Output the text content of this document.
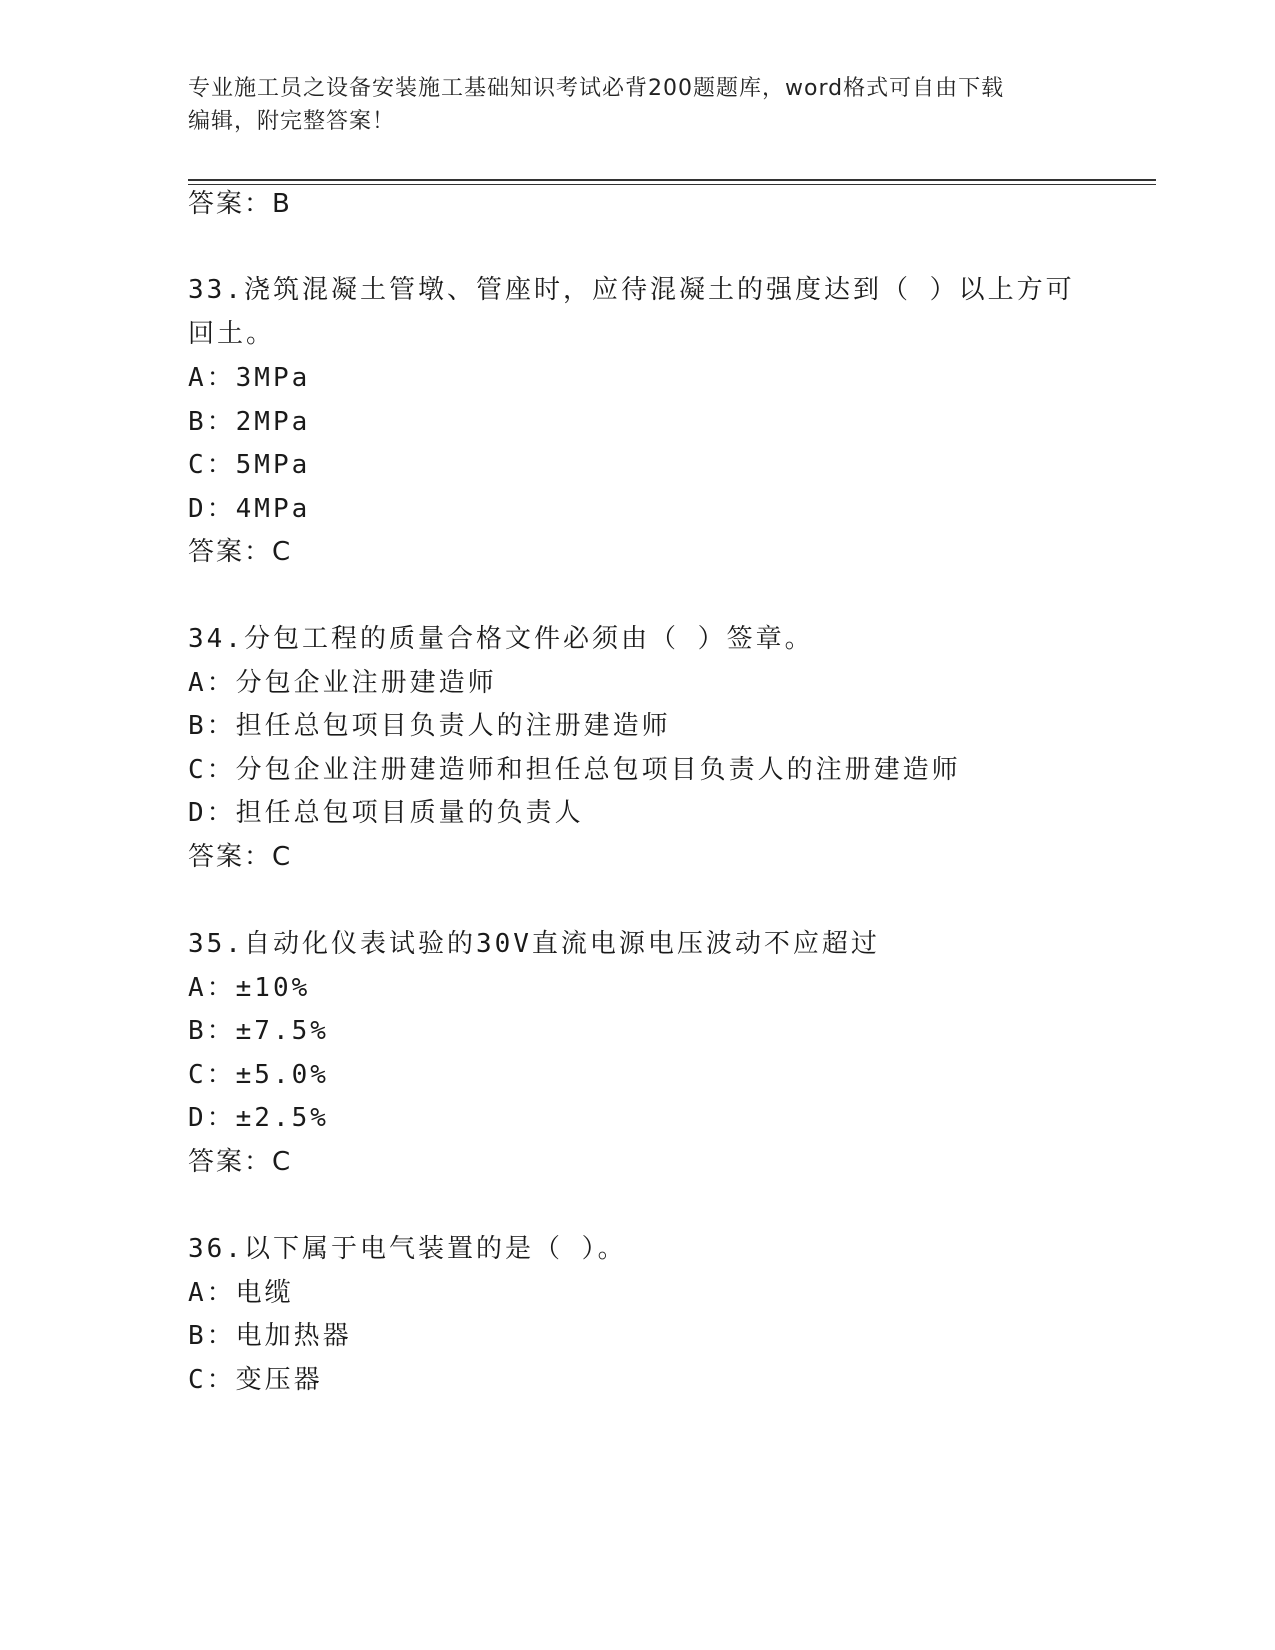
专业施工员之设备安装施工基础知识考试必背200题题库，word格式可自由下载
编辑，附完整答案！
答案：B
33.浇筑混凝土管墩、管座时，应待混凝土的强度达到（ ）以上方可
回土。
A：3MPa
B：2MPa
C：5MPa
D：4MPa
答案：C
34.分包工程的质量合格文件必须由（ ）签章。
A：分包企业注册建造师
B：担任总包项目负责人的注册建造师
C：分包企业注册建造师和担任总包项目负责人的注册建造师
D：担任总包项目质量的负责人
答案：C
35.自动化仪表试验的30V直流电源电压波动不应超过
A：±10%
B：±7.5%
C：±5.0%
D：±2.5%
答案：C
36.以下属于电气装置的是（ ）。
A：电缆
B：电加热器
C：变压器
